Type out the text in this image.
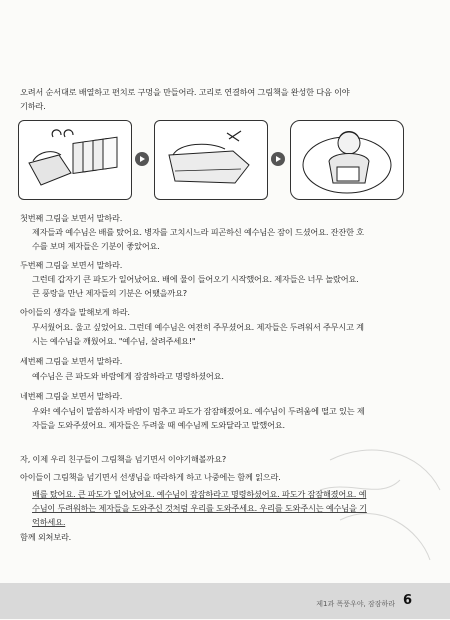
오려서 순서대로 배열하고 편치로 구멍을 만들어라. 고리로 연결하여 그림책을 완성한 다음 이야기하라.
첫번째 그림을 보면서 말하라.
제자들과 예수님은 배를 탔어요. 병자를 고치시느라 피곤하신 예수님은 잠이 드셨어요. 잔잔한 호수를 보며 제자들은 기분이 좋았어요.
두번째 그림을 보면서 말하라.
그런데 갑자기 큰 파도가 일어났어요. 배에 물이 들어오기 시작했어요. 제자들은 너무 놀랐어요. 큰 풍랑을 만난 제자들의 기분은 어땠을까요?
아이들의 생각을 말해보게 하라.
무서웠어요. 울고 싶었어요. 그런데 예수님은 여전히 주무셨어요. 제자들은 두려워서 주무시고 계시는 예수님을 깨웠어요. "예수님, 살려주세요!"
세번째 그림을 보면서 말하라.
예수님은 큰 파도와 바람에게 잠잠하라고 명령하셨어요.
네번째 그림을 보면서 말하라.
우와! 예수님이 말씀하시자 바람이 멈추고 파도가 잠잠해졌어요. 예수님이 두려움에 떨고 있는 제자들을 도와주셨어요. 제자들은 두려울 때 예수님께 도와달라고 말했어요.
자, 이제 우리 친구들이 그림책을 넘기면서 이야기해볼까요?
아이들이 그림책을 넘기면서 선생님을 따라하게 하고 나중에는 함께 읽으라.
배를 탔어요. 큰 파도가 일어났어요. 예수님이 잠잠하라고 명령하셨어요. 파도가 잠잠해졌어요. 예수님이 두려워하는 제자들을 도와주신 것처럼 우리를 도와주세요. 우리를 도와주시는 예수님을 기억하세요.
함께 외쳐보라.
제1과 폭풍우야, 잠잠하라 6
